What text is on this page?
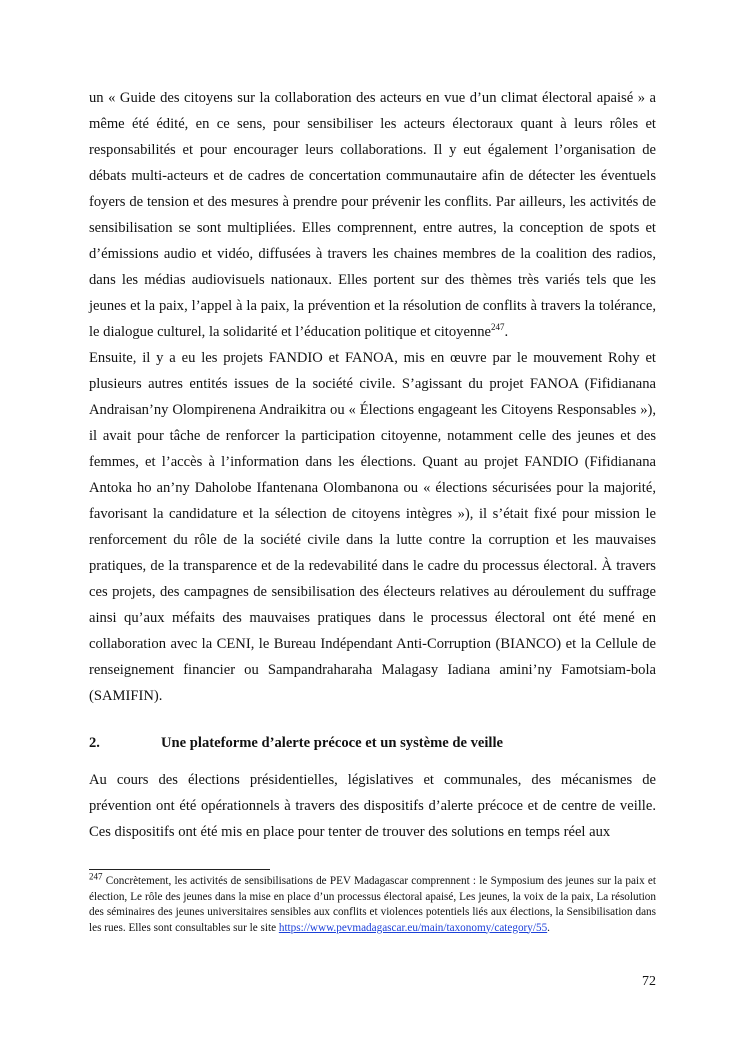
un « Guide des citoyens sur la collaboration des acteurs en vue d’un climat électoral apaisé » a même été édité, en ce sens, pour sensibiliser les acteurs électoraux quant à leurs rôles et responsabilités et pour encourager leurs collaborations. Il y eut également l’organisation de débats multi-acteurs et de cadres de concertation communautaire afin de détecter les éventuels foyers de tension et des mesures à prendre pour prévenir les conflits. Par ailleurs, les activités de sensibilisation se sont multipliées. Elles comprennent, entre autres, la conception de spots et d’émissions audio et vidéo, diffusées à travers les chaines membres de la coalition des radios, dans les médias audiovisuels nationaux. Elles portent sur des thèmes très variés tels que les jeunes et la paix, l’appel à la paix, la prévention et la résolution de conflits à travers la tolérance, le dialogue culturel, la solidarité et l’éducation politique et citoyenne$^{247}$.

Ensuite, il y a eu les projets FANDIO et FANOA, mis en œuvre par le mouvement Rohy et plusieurs autres entités issues de la société civile. S’agissant du projet FANOA (Fifidianana Andraisan’ny Olompirenena Andraikitra ou « Élections engageant les Citoyens Responsables »), il avait pour tâche de renforcer la participation citoyenne, notamment celle des jeunes et des femmes, et l’accès à l’information dans les élections. Quant au projet FANDIO (Fifidianana Antoka ho an’ny Daholobe Ifantenana Olombanona ou « élections sécurisées pour la majorité, favorisant la candidature et la sélection de citoyens intègres »), il s’était fixé pour mission le renforcement du rôle de la société civile dans la lutte contre la corruption et les mauvaises pratiques, de la transparence et de la redevabilité dans le cadre du processus électoral. À travers ces projets, des campagnes de sensibilisation des électeurs relatives au déroulement du suffrage ainsi qu’aux méfaits des mauvaises pratiques dans le processus électoral ont été mené en collaboration avec la CENI, le Bureau Indépendant Anti-Corruption (BIANCO) et la Cellule de renseignement financier ou Sampandraharaha Malagasy Iadiana amini’ny Famotsiam-bola (SAMIFIN).

2.	Une plateforme d’alerte précoce et un système de veille

Au cours des élections présidentielles, législatives et communales, des mécanismes de prévention ont été opérationnels à travers des dispositifs d’alerte précoce et de centre de veille. Ces dispositifs ont été mis en place pour tenter de trouver des solutions en temps réel aux

$^{247}$ Concrètement, les activités de sensibilisations de PEV Madagascar comprennent : le Symposium des jeunes sur la paix et élection, Le rôle des jeunes dans la mise en place d’un processus électoral apaisé, Les jeunes, la voix de la paix, La résolution des séminaires des jeunes universitaires sensibles aux conflits et violences potentiels liés aux élections, la Sensibilisation dans les rues. Elles sont consultables sur le site https://www.pevmadagascar.eu/main/taxonomy/category/55.

72
